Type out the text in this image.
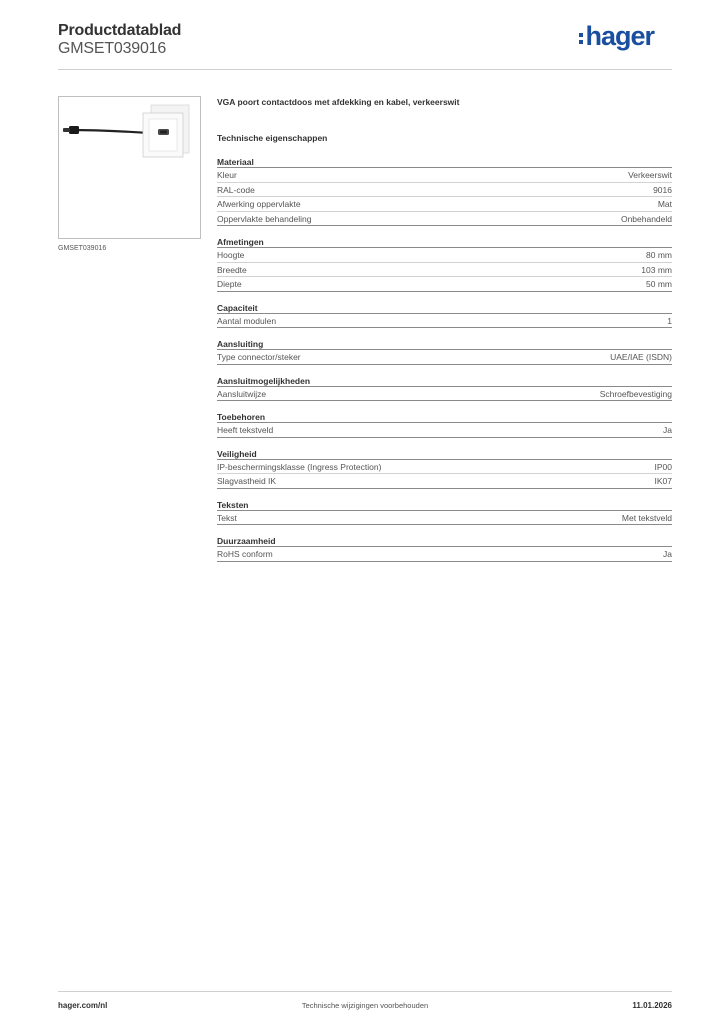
Productdatablad
GMSET039016	hager
GMSET039016
VGA poort contactdoos met afdekking en kabel, verkeerswit
Technische eigenschappen
Materiaal
Kleur	Verkeerswit
RAL-code	9016
Afwerking oppervlakte	Mat
Oppervlakte behandeling	Onbehandeld
Afmetingen
Hoogte	80 mm
Breedte	103 mm
Diepte	50 mm
Capaciteit
Aantal modulen	1
Aansluiting
Type connector/steker	UAE/IAE (ISDN)
Aansluitmogelijkheden
Aansluitwijze	Schroefbevestiging
Toebehoren
Heeft tekstveld	Ja
Veiligheid
IP-beschermingsklasse (Ingress Protection)	IP00
Slagvastheid IK	IK07
Teksten
Tekst	Met tekstveld
Duurzaamheid
RoHS conform	Ja
hager.com/nl	Technische wijzigingen voorbehouden	11.01.2026
